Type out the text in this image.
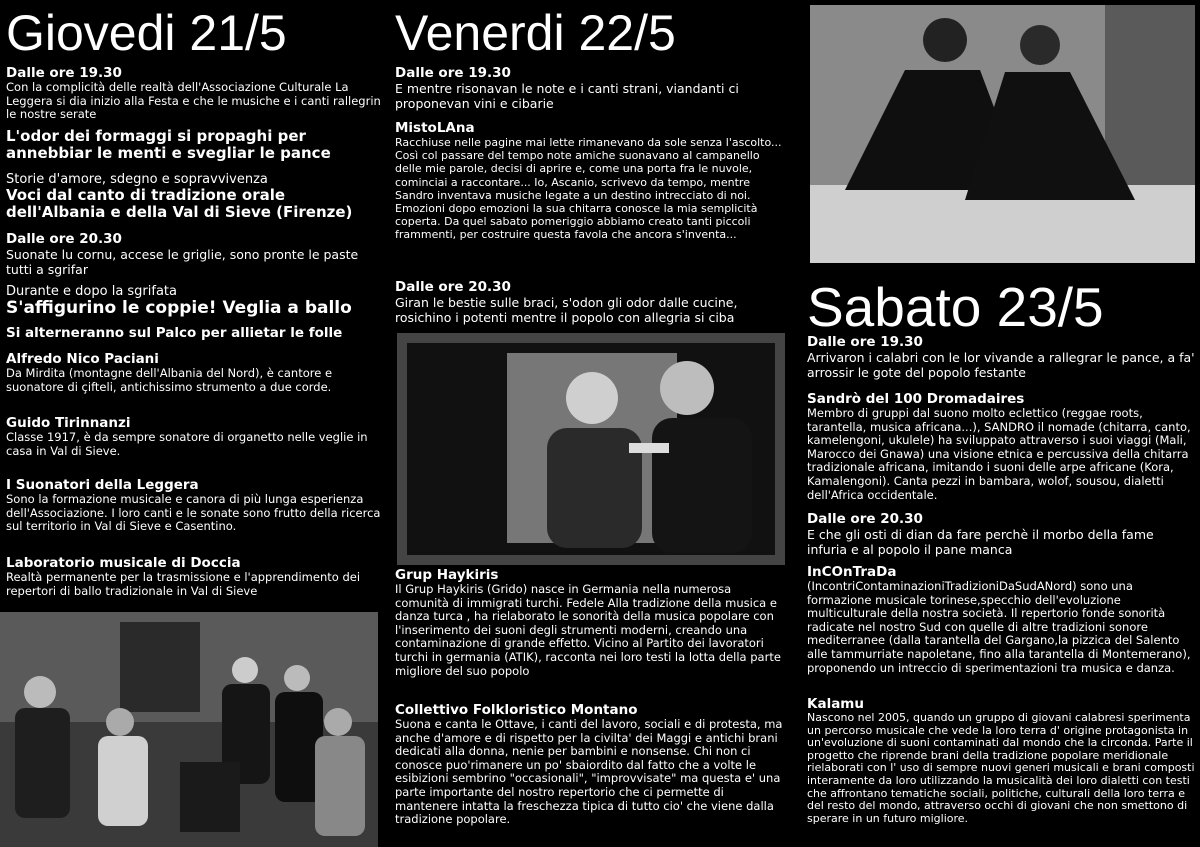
Giovedi 21/5

Dalle ore 19.30

Con la complicità delle realtà dell'Associazione Culturale La Leggera si dia inizio alla Festa e che le musiche e i canti rallegrin le nostre serate

L'odor dei formaggi si propaghi per annebbiar le menti e svegliar le pance

Storie d'amore, sdegno e sopravvivenza

Voci dal canto di tradizione orale dell'Albania e della Val di Sieve (Firenze)

Dalle ore 20.30

Suonate lu cornu, accese le griglie, sono pronte le paste tutti a sgrifar

Durante e dopo la sgrifata

S'affigurino le coppie! Veglia a ballo

Si alterneranno sul Palco per allietar le folle

Alfredo Nico Paciani

Da Mirdita (montagne dell'Albania del Nord), è cantore e suonatore di çifteli, antichissimo strumento a due corde.

Guido Tirinnanzi

Classe 1917, è da sempre sonatore di organetto nelle veglie in casa in Val di Sieve.

I Suonatori della Leggera

Sono la formazione musicale e canora di più lunga esperienza dell'Associazione. I loro canti e le sonate sono frutto della ricerca sul territorio in Val di Sieve e Casentino.

Laboratorio musicale di Doccia

Realtà permanente per la trasmissione e l'apprendimento dei repertori di ballo tradizionale in Val di Sieve

Venerdi 22/5

Dalle ore 19.30

E mentre risonavan le note e i canti strani, viandanti ci proponevan vini e cibarie

MistoLAna

Racchiuse nelle pagine mai lette rimanevano da sole senza l'ascolto... Così col passare del tempo note amiche suonavano al campanello delle mie parole, decisi di aprire e, come una porta fra le nuvole, cominciai a raccontare... Io, Ascanio, scrivevo da tempo, mentre Sandro inventava musiche legate a un destino intrecciato di noi. Emozioni dopo emozioni la sua chitarra conosce la mia semplicità coperta. Da quel sabato pomeriggio abbiamo creato tanti piccoli frammenti, per costruire questa favola che ancora s'inventa...

Dalle ore 20.30

Giran le bestie sulle braci, s'odon gli odor dalle cucine, rosichino i potenti mentre il popolo con allegria si ciba

Grup Haykiris

Il Grup Haykiris (Grido) nasce in Germania nella numerosa comunità di immigrati turchi. Fedele Alla tradizione della musica e danza turca , ha rielaborato le sonorità della musica popolare con l'inserimento dei suoni degli strumenti moderni, creando una contaminazione di grande effetto. Vicino al Partito dei lavoratori turchi in germania (ATIK), racconta nei loro testi la lotta della parte migliore del suo popolo

Collettivo Folkloristico Montano

Suona e canta le Ottave, i canti del lavoro, sociali e di protesta, ma anche d'amore e di rispetto per la civilta' dei Maggi e antichi brani dedicati alla donna, nenie per bambini e nonsense. Chi non ci conosce puo'rimanere un po' sbaiordito dal fatto che a volte le esibizioni sembrino "occasionali", "improvvisate" ma questa e' una parte importante del nostro repertorio che ci permette di mantenere intatta la freschezza tipica di tutto cio' che viene dalla tradizione popolare.

Sabato 23/5

Dalle ore 19.30

Arrivaron i calabri con le lor vivande a rallegrar le pance, a fa' arrossir le gote del popolo festante

Sandrò del 100 Dromadaires

Membro di gruppi dal suono molto eclettico (reggae roots, tarantella, musica africana...), SANDRO il nomade (chitarra, canto, kamelengoni, ukulele) ha sviluppato attraverso i suoi viaggi (Mali, Marocco dei Gnawa) una visione etnica e percussiva della chitarra tradizionale africana, imitando i suoni delle arpe africane (Kora, Kamalengoni). Canta pezzi in bambara, wolof, sousou, dialetti dell'Africa occidentale.

Dalle ore 20.30

E che gli osti di dian da fare perchè il morbo della fame infuria e al popolo il pane manca

InCOnTraDa

(IncontriContaminazioniTradizioniDaSudANord) sono una formazione musicale torinese,specchio dell'evoluzione multiculturale della nostra società. Il repertorio fonde sonorità radicate nel nostro Sud con quelle di altre tradizioni sonore mediterranee (dalla tarantella del Gargano,la pizzica del Salento alle tammurriate napoletane, fino alla tarantella di Montemerano), proponendo un intreccio di sperimentazioni tra musica e danza.

Kalamu

Nascono nel 2005, quando un gruppo di giovani calabresi sperimenta un percorso musicale che vede la loro terra d' origine protagonista in un'evoluzione di suoni contaminati dal mondo che la circonda. Parte il progetto che riprende brani della tradizione popolare meridionale rielaborati con l' uso di sempre nuovi generi musicali e brani composti interamente da loro utilizzando la musicalità dei loro dialetti con testi che affrontano tematiche sociali, politiche, culturali della loro terra e del resto del mondo, attraverso occhi di giovani che non smettono di sperare in un futuro migliore.
